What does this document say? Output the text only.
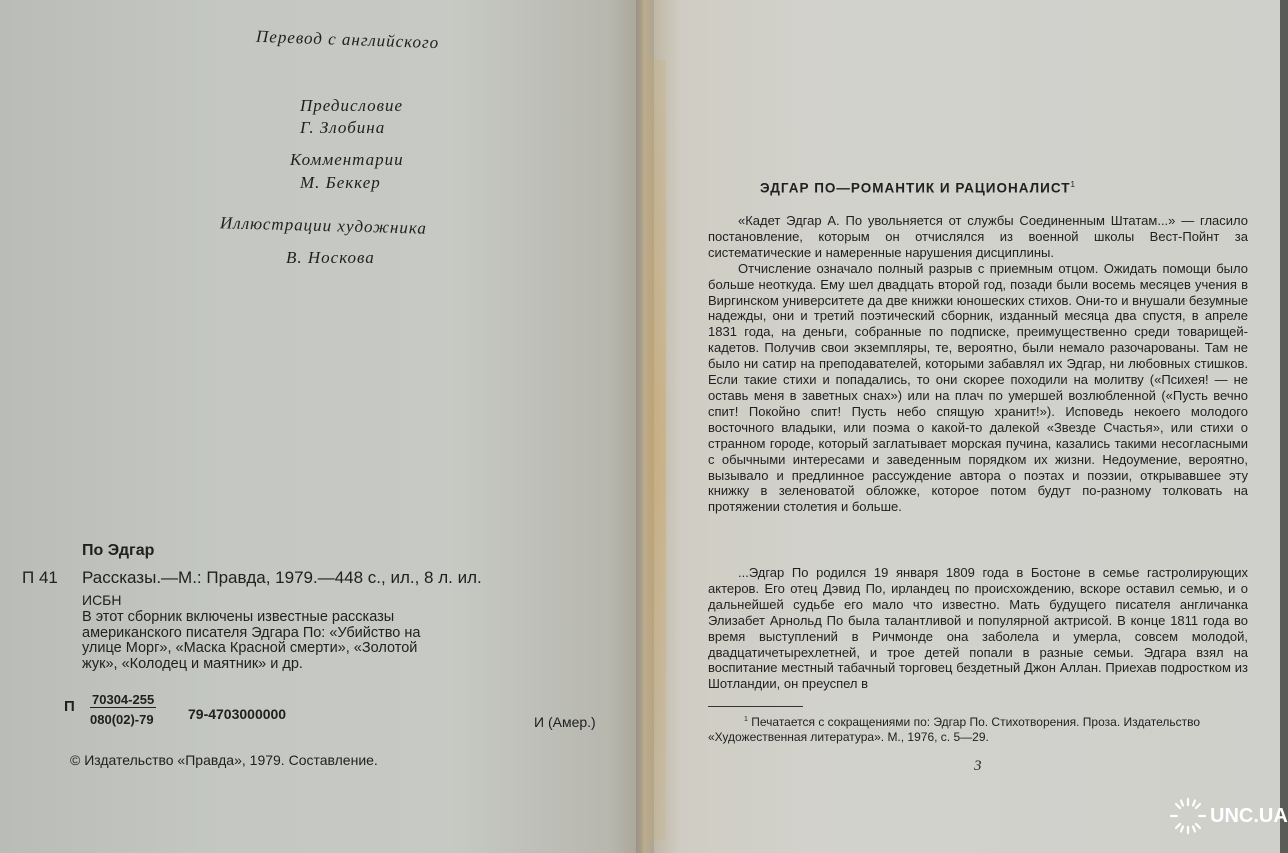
Перевод с английского
Предисловие
Г. Злобина
Комментарии
М. Беккер
Иллюстрации художника
В. Носкова
По Эдгар
П 41 Рассказы.—М.: Правда, 1979.—448 с., ил., 8 л. ил.
ИСБН
В этот сборник включены известные рассказы
американского писателя Эдгара По: «Убийство на
улице Морг», «Маска Красной смерти», «Золотой
жук», «Колодец и маятник» и др.
П 70304-255
080(02)-79 79-4703000000	И (Амер.)
© Издательство «Правда», 1979. Составление.
ЭДГАР ПО—РОМАНТИК И РАЦИОНАЛИСТ$^1$

«Кадет Эдгар А. По увольняется от службы Соединенным Штатам...» — гласило постановление, которым он отчислялся из военной школы Вест-Пойнт за систематические и намеренные нарушения дисциплины.

Отчисление означало полный разрыв с приемным отцом. Ожидать помощи было больше неоткуда. Ему шел двадцать второй год, позади были восемь месяцев учения в Виргинском университете да две книжки юношеских стихов. Они-то и внушали безумные надежды, они и третий поэтический сборник, изданный месяца два спустя, в апреле 1831 года, на деньги, собранные по подписке, преимущественно среди товарищей-кадетов. Получив свои экземпляры, те, вероятно, были немало разочарованы. Там не было ни сатир на преподавателей, которыми забавлял их Эдгар, ни любовных стишков. Если такие стихи и попадались, то они скорее походили на молитву («Психея! — не оставь меня в заветных снах») или на плач по умершей возлюбленной («Пусть вечно спит! Покойно спит! Пусть небо спящую хранит!»). Исповедь некоего молодого восточного владыки, или поэма о какой-то далекой «Звезде Счастья», или стихи о странном городе, который заглатывает морская пучина, казались такими несогласными с обычными интересами и заведенным порядком их жизни. Недоумение, вероятно, вызывало и предлинное рассуждение автора о поэтах и поэзии, открывавшее эту книжку в зеленоватой обложке, которое потом будут по-разному толковать на протяжении столетия и больше.

...Эдгар По родился 19 января 1809 года в Бостоне в семье гастролирующих актеров. Его отец Дэвид По, ирландец по происхождению, вскоре оставил семью, и о дальнейшей судьбе его мало что известно. Мать будущего писателя англичанка Элизабет Арнольд По была талантливой и популярной актрисой. В конце 1811 года во время выступлений в Ричмонде она заболела и умерла, совсем молодой, двадцатичетырехлетней, и трое детей попали в разные семьи. Эдгара взял на воспитание местный табачный торговец бездетный Джон Аллан. Приехав подростком из Шотландии, он преуспел в

$^1$ Печатается с сокращениями по: Эдгар По. Стихотворения. Проза. Издательство «Художественная литература». М., 1976, с. 5—29.
3
UNC.UA
